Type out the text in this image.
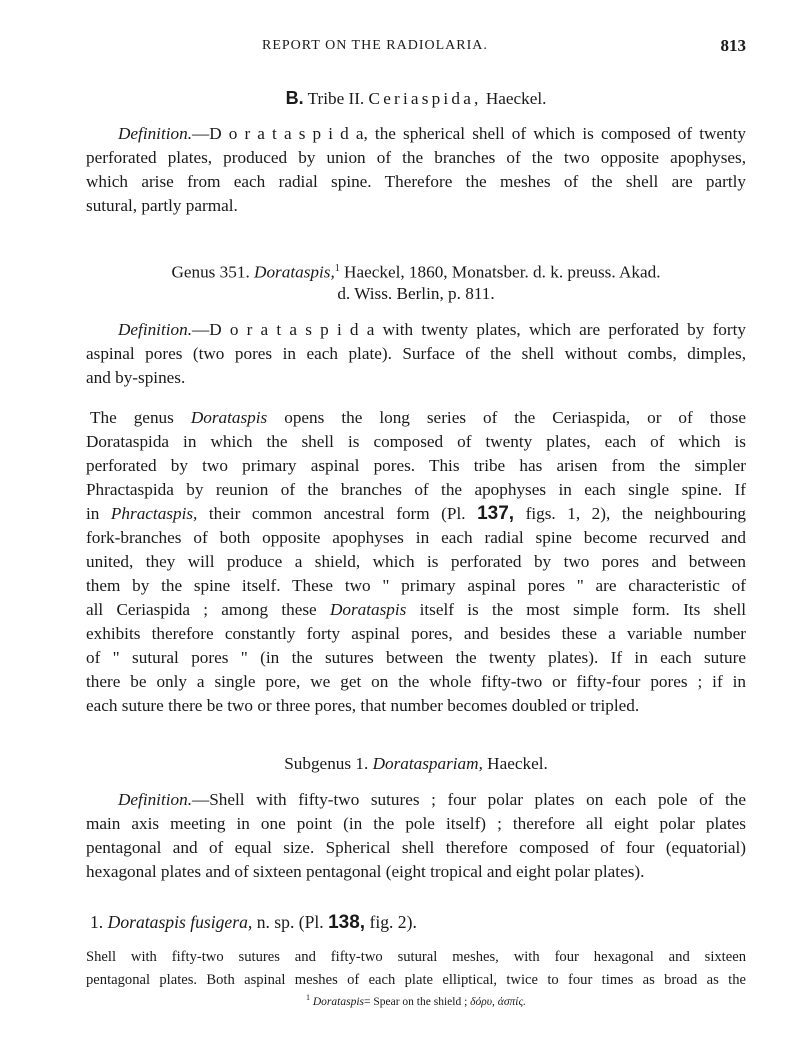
REPORT ON THE RADIOLARIA.	813
B. Tribe II. Ceriaspida, Haeckel.
Definition.—D o r a t a s p i d a, the spherical shell of which is composed of twenty
perforated plates, produced by union of the branches of the two opposite apophyses,
which arise from each radial spine. Therefore the meshes of the shell are partly
sutural, partly parmal.
Genus 351. Dorataspis,$^1$ Haeckel, 1860, Monatsber. d. k. preuss. Akad.
d. Wiss. Berlin, p. 811.
Definition.—D o r a t a s p i d a with twenty plates, which are perforated by forty
aspinal pores (two pores in each plate). Surface of the shell without combs, dimples,
and by-spines.
The genus Dorataspis opens the long series of the Ceriaspida, or of those
Dorataspida in which the shell is composed of twenty plates, each of which is
perforated by two primary aspinal pores. This tribe has arisen from the simpler
Phractaspida by reunion of the branches of the apophyses in each single spine. If
in Phractaspis, their common ancestral form (Pl. 137, figs. 1, 2), the neighbouring
fork-branches of both opposite apophyses in each radial spine become recurved and
united, they will produce a shield, which is perforated by two pores and between
them by the spine itself. These two " primary aspinal pores " are characteristic of
all Ceriaspida ; among these Dorataspis itself is the most simple form. Its shell
exhibits therefore constantly forty aspinal pores, and besides these a variable number
of " sutural pores " (in the sutures between the twenty plates). If in each suture
there be only a single pore, we get on the whole fifty-two or fifty-four pores ; if in
each suture there be two or three pores, that number becomes doubled or tripled.
Subgenus 1. Dorataspariam, Haeckel.
Definition.—Shell with fifty-two sutures ; four polar plates on each pole of the
main axis meeting in one point (in the pole itself) ; therefore all eight polar plates
pentagonal and of equal size. Spherical shell therefore composed of four (equatorial)
hexagonal plates and of sixteen pentagonal (eight tropical and eight polar plates).
1. Dorataspis fusigera, n. sp. (Pl. 138, fig. 2).
Shell with fifty-two sutures and fifty-two sutural meshes, with four hexagonal and sixteen
pentagonal plates. Both aspinal meshes of each plate elliptical, twice to four times as broad as the
$^1$ Dorataspis= Spear on the shield ; δόρυ, ἀσπίς.
